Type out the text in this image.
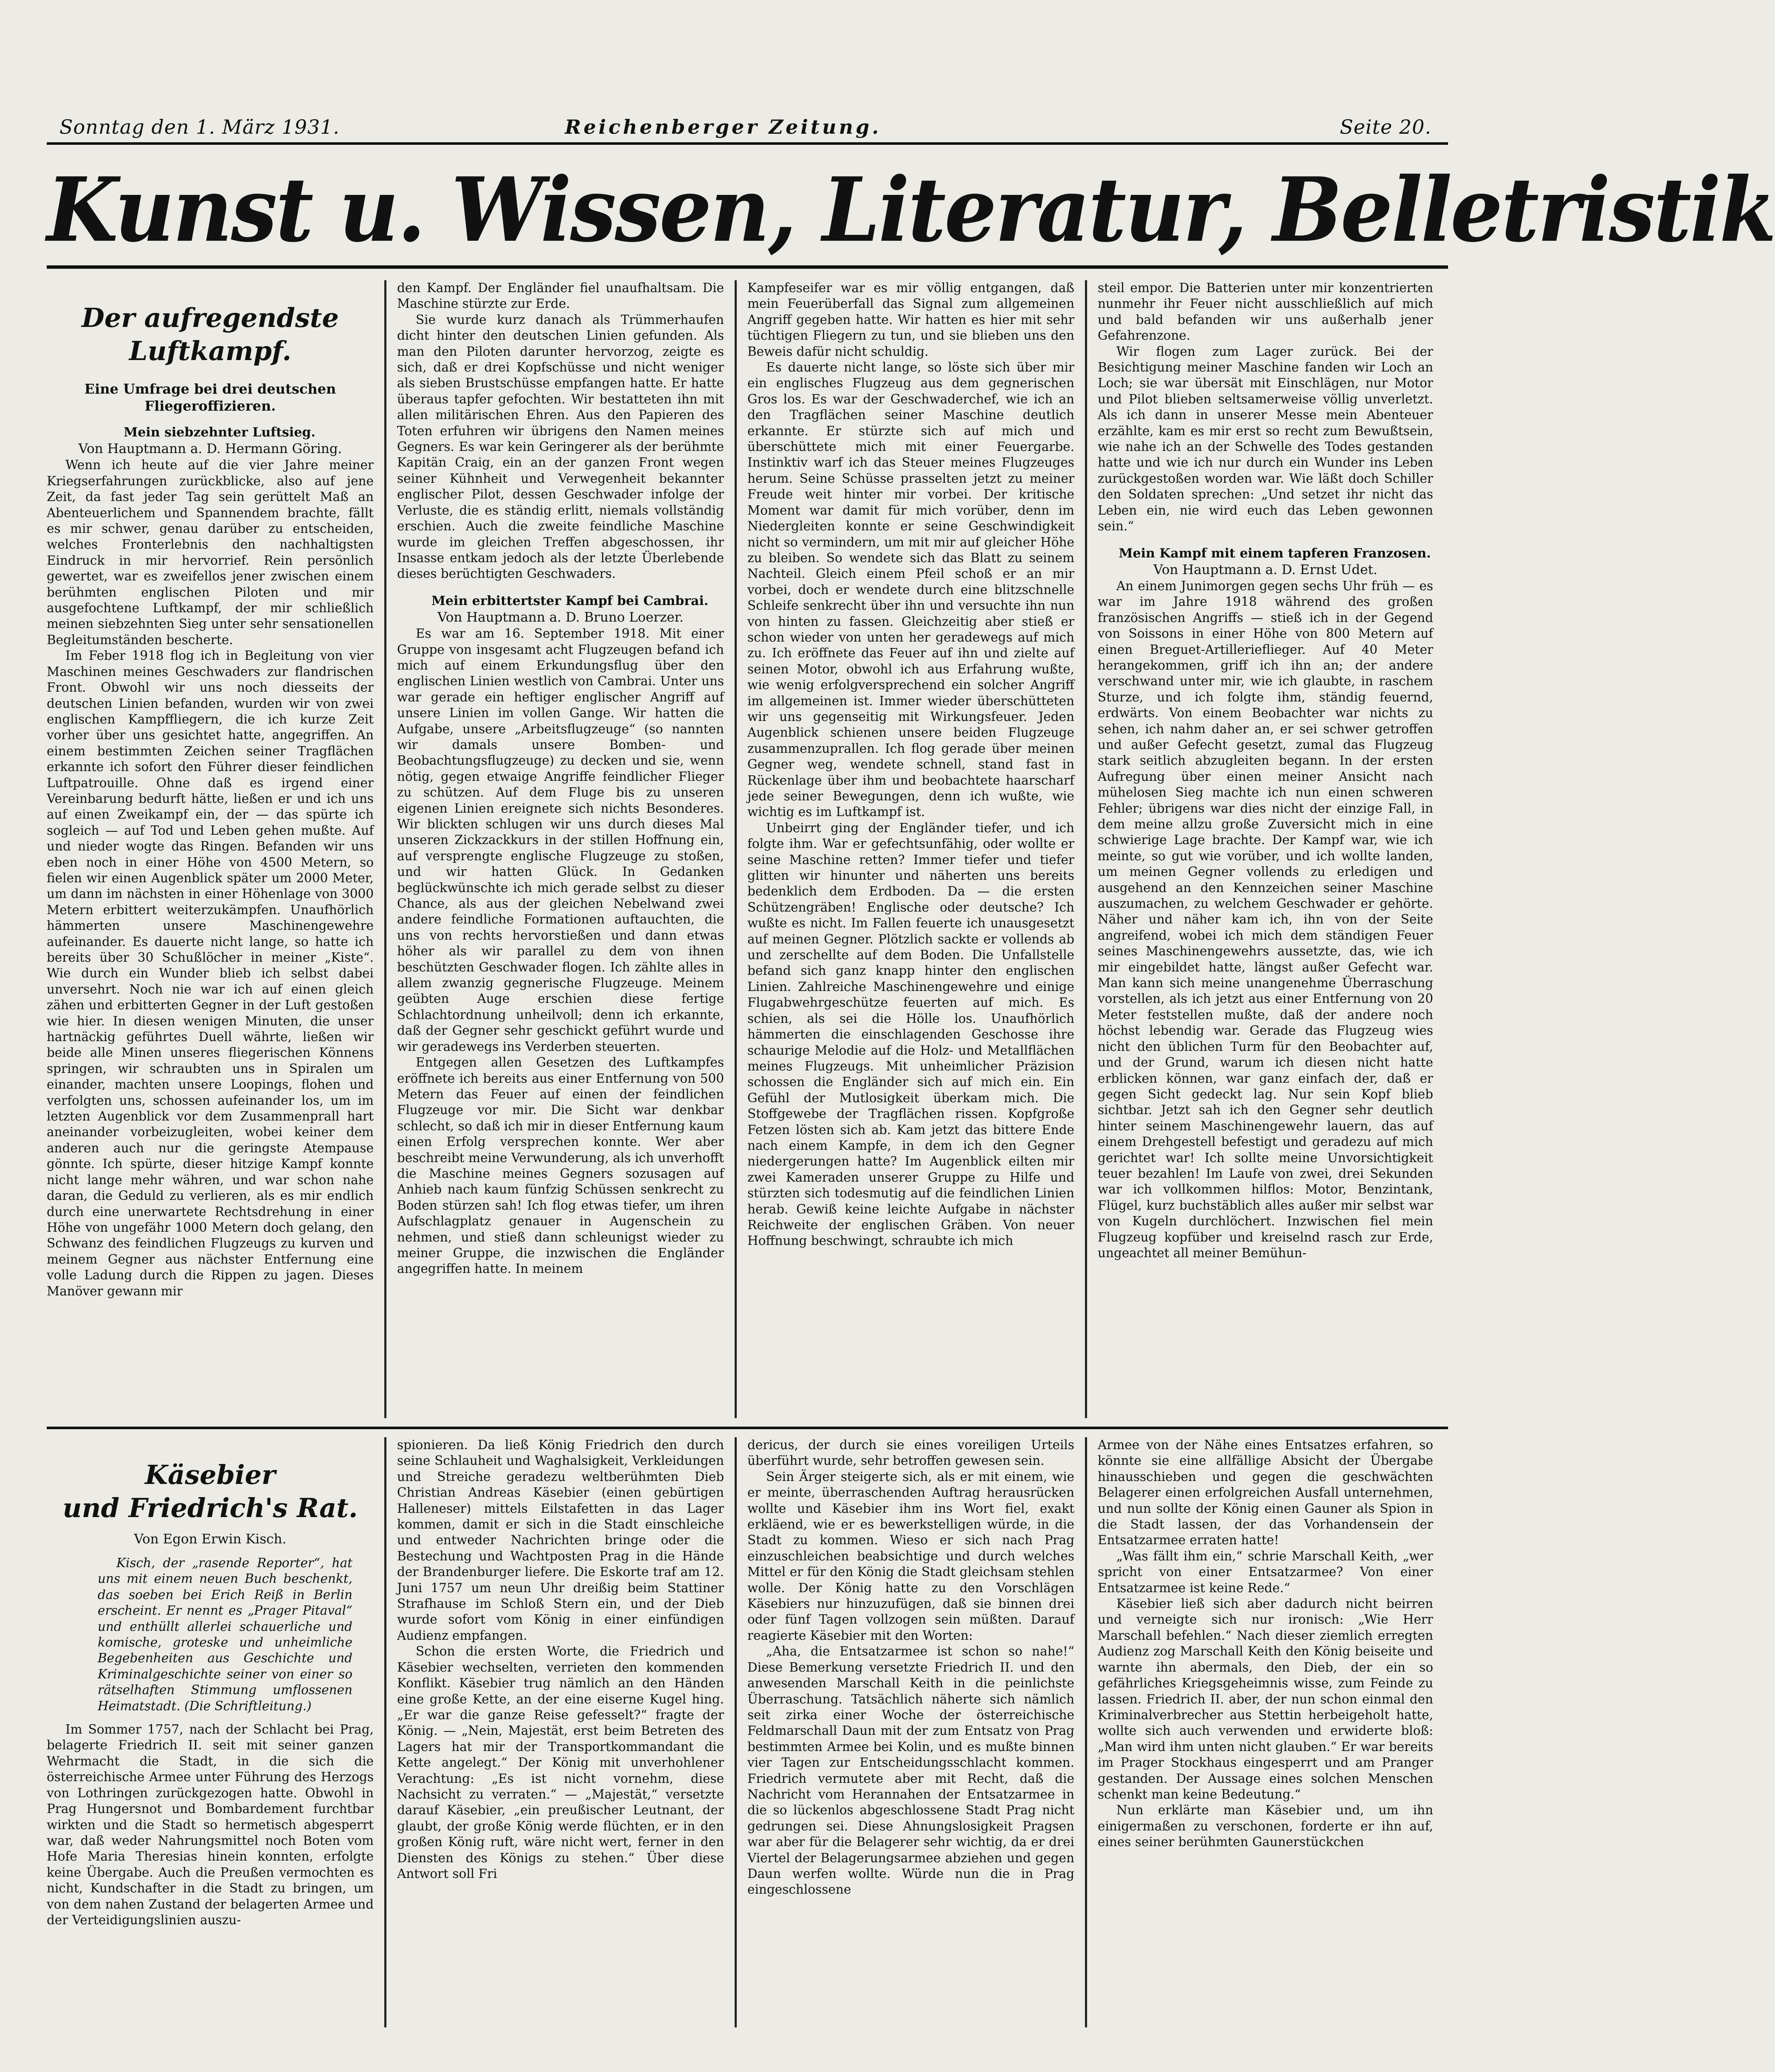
Sonntag den 1. März 1931.	Reichenberger Zeitung.	Seite 20.
Kunst u. Wissen, Literatur, Belletristik
Der aufregendste Luftkampf.

Eine Umfrage bei drei deutschen Fliegeroffizieren.

Mein siebzehnter Luftsieg.

Von Hauptmann a. D. Hermann Göring.

Wenn ich heute auf die vier Jahre meiner Kriegserfahrungen zurückblicke, also auf jene Zeit, da fast jeder Tag sein gerüttelt Maß an Abenteuerlichem und Spannendem brachte, fällt es mir schwer, genau darüber zu entscheiden, welches Fronterlebnis den nachhaltigsten Eindruck in mir hervorrief. Rein persönlich gewertet, war es zweifellos jener zwischen einem berühmten englischen Piloten und mir ausgefochtene Luftkampf, der mir schließlich meinen siebzehnten Sieg unter sehr sensationellen Begleitumständen bescherte.

Im Feber 1918 flog ich in Begleitung von vier Maschinen meines Geschwaders zur flandrischen Front. Obwohl wir uns noch diesseits der deutschen Linien befanden, wurden wir von zwei englischen Kampffliegern, die ich kurze Zeit vorher über uns gesichtet hatte, angegriffen. An einem bestimmten Zeichen seiner Tragflächen erkannte ich sofort den Führer dieser feindlichen Luftpatrouille. Ohne daß es irgend einer Vereinbarung bedurft hätte, ließen er und ich uns auf einen Zweikampf ein, der — das spürte ich sogleich — auf Tod und Leben gehen mußte. Auf und nieder wogte das Ringen. Befanden wir uns eben noch in einer Höhe von 4500 Metern, so fielen wir einen Augenblick später um 2000 Meter, um dann im nächsten in einer Höhenlage von 3000 Metern erbittert weiterzukämpfen. Unaufhörlich hämmerten unsere Maschinengewehre aufeinander. Es dauerte nicht lange, so hatte ich bereits über 30 Schußlöcher in meiner „Kiste“. Wie durch ein Wunder blieb ich selbst dabei unversehrt. Noch nie war ich auf einen gleich zähen und erbitterten Gegner in der Luft gestoßen wie hier. In diesen wenigen Minuten, die unser hartnäckig geführtes Duell währte, ließen wir beide alle Minen unseres fliegerischen Könnens springen, wir schraubten uns in Spiralen um einander, machten unsere Loopings, flohen und verfolgten uns, schossen aufeinander los, um im letzten Augenblick vor dem Zusammenprall hart aneinander vorbeizugleiten, wobei keiner dem anderen auch nur die geringste Atempause gönnte. Ich spürte, dieser hitzige Kampf konnte nicht lange mehr währen, und war schon nahe daran, die Geduld zu verlieren, als es mir endlich durch eine unerwartete Rechtsdrehung in einer Höhe von ungefähr 1000 Metern doch gelang, den Schwanz des feindlichen Flugzeugs zu kurven und meinem Gegner aus nächster Entfernung eine volle Ladung durch die Rippen zu jagen. Dieses Manöver gewann mir

den Kampf. Der Engländer fiel unaufhaltsam. Die Maschine stürzte zur Erde.

Sie wurde kurz danach als Trümmerhaufen dicht hinter den deutschen Linien gefunden. Als man den Piloten darunter hervorzog, zeigte es sich, daß er drei Kopfschüsse und nicht weniger als sieben Brustschüsse empfangen hatte. Er hatte überaus tapfer gefochten. Wir bestatteten ihn mit allen militärischen Ehren. Aus den Papieren des Toten erfuhren wir übrigens den Namen meines Gegners. Es war kein Geringerer als der berühmte Kapitän Craig, ein an der ganzen Front wegen seiner Kühnheit und Verwegenheit bekannter englischer Pilot, dessen Geschwader infolge der Verluste, die es ständig erlitt, niemals vollständig erschien. Auch die zweite feindliche Maschine wurde im gleichen Treffen abgeschossen, ihr Insasse entkam jedoch als der letzte Überlebende dieses berüchtigten Geschwaders.

Mein erbittertster Kampf bei Cambrai.

Von Hauptmann a. D. Bruno Loerzer.

Es war am 16. September 1918. Mit einer Gruppe von insgesamt acht Flugzeugen befand ich mich auf einem Erkundungsflug über den englischen Linien westlich von Cambrai. Unter uns war gerade ein heftiger englischer Angriff auf unsere Linien im vollen Gange. Wir hatten die Aufgabe, unsere „Arbeitsflugzeuge“ (so nannten wir damals unsere Bomben- und Beobachtungsflugzeuge) zu decken und sie, wenn nötig, gegen etwaige Angriffe feindlicher Flieger zu schützen. Auf dem Fluge bis zu unseren eigenen Linien ereignete sich nichts Besonderes. Wir blickten schlugen wir uns durch dieses Mal unseren Zickzackkurs in der stillen Hoffnung ein, auf versprengte englische Flugzeuge zu stoßen, und wir hatten Glück. In Gedanken beglückwünschte ich mich gerade selbst zu dieser Chance, als aus der gleichen Nebelwand zwei andere feindliche Formationen auftauchten, die uns von rechts hervorstießen und dann etwas höher als wir parallel zu dem von ihnen beschützten Geschwader flogen. Ich zählte alles in allem zwanzig gegnerische Flugzeuge. Meinem geübten Auge erschien diese fertige Schlachtordnung unheilvoll; denn ich erkannte, daß der Gegner sehr geschickt geführt wurde und wir geradewegs ins Verderben steuerten.

Entgegen allen Gesetzen des Luftkampfes eröffnete ich bereits aus einer Entfernung von 500 Metern das Feuer auf einen der feindlichen Flugzeuge vor mir. Die Sicht war denkbar schlecht, so daß ich mir in dieser Entfernung kaum einen Erfolg versprechen konnte. Wer aber beschreibt meine Verwunderung, als ich unverhofft die Maschine meines Gegners sozusagen auf Anhieb nach kaum fünfzig Schüssen senkrecht zu Boden stürzen sah! Ich flog etwas tiefer, um ihren Aufschlagplatz genauer in Augenschein zu nehmen, und stieß dann schleunigst wieder zu meiner Gruppe, die inzwischen die Engländer angegriffen hatte. In meinem

Kampfeseifer war es mir völlig entgangen, daß mein Feuerüberfall das Signal zum allgemeinen Angriff gegeben hatte. Wir hatten es hier mit sehr tüchtigen Fliegern zu tun, und sie blieben uns den Beweis dafür nicht schuldig.

Es dauerte nicht lange, so löste sich über mir ein englisches Flugzeug aus dem gegnerischen Gros los. Es war der Geschwaderchef, wie ich an den Tragflächen seiner Maschine deutlich erkannte. Er stürzte sich auf mich und überschüttete mich mit einer Feuergarbe. Instinktiv warf ich das Steuer meines Flugzeuges herum. Seine Schüsse prasselten jetzt zu meiner Freude weit hinter mir vorbei. Der kritische Moment war damit für mich vorüber, denn im Niedergleiten konnte er seine Geschwindigkeit nicht so vermindern, um mit mir auf gleicher Höhe zu bleiben. So wendete sich das Blatt zu seinem Nachteil. Gleich einem Pfeil schoß er an mir vorbei, doch er wendete durch eine blitzschnelle Schleife senkrecht über ihn und versuchte ihn nun von hinten zu fassen. Gleichzeitig aber stieß er schon wieder von unten her geradewegs auf mich zu. Ich eröffnete das Feuer auf ihn und zielte auf seinen Motor, obwohl ich aus Erfahrung wußte, wie wenig erfolgversprechend ein solcher Angriff im allgemeinen ist. Immer wieder überschütteten wir uns gegenseitig mit Wirkungsfeuer. Jeden Augenblick schienen unsere beiden Flugzeuge zusammenzuprallen. Ich flog gerade über meinen Gegner weg, wendete schnell, stand fast in Rückenlage über ihm und beobachtete haarscharf jede seiner Bewegungen, denn ich wußte, wie wichtig es im Luftkampf ist.

Unbeirrt ging der Engländer tiefer, und ich folgte ihm. War er gefechtsunfähig, oder wollte er seine Maschine retten? Immer tiefer und tiefer glitten wir hinunter und näherten uns bereits bedenklich dem Erdboden. Da — die ersten Schützengräben! Englische oder deutsche? Ich wußte es nicht. Im Fallen feuerte ich unausgesetzt auf meinen Gegner. Plötzlich sackte er vollends ab und zerschellte auf dem Boden. Die Unfallstelle befand sich ganz knapp hinter den englischen Linien. Zahlreiche Maschinengewehre und einige Flugabwehrgeschütze feuerten auf mich. Es schien, als sei die Hölle los. Unaufhörlich hämmerten die einschlagenden Geschosse ihre schaurige Melodie auf die Holz- und Metallflächen meines Flugzeugs. Mit unheimlicher Präzision schossen die Engländer sich auf mich ein. Ein Gefühl der Mutlosigkeit überkam mich. Die Stoffgewebe der Tragflächen rissen. Kopfgroße Fetzen lösten sich ab. Kam jetzt das bittere Ende nach einem Kampfe, in dem ich den Gegner niedergerungen hatte? Im Augenblick eilten mir zwei Kameraden unserer Gruppe zu Hilfe und stürzten sich todesmutig auf die feindlichen Linien herab. Gewiß keine leichte Aufgabe in nächster Reichweite der englischen Gräben. Von neuer Hoffnung beschwingt, schraubte ich mich

steil empor. Die Batterien unter mir konzentrierten nunmehr ihr Feuer nicht ausschließlich auf mich und bald befanden wir uns außerhalb jener Gefahrenzone.

Wir flogen zum Lager zurück. Bei der Besichtigung meiner Maschine fanden wir Loch an Loch; sie war übersät mit Einschlägen, nur Motor und Pilot blieben seltsamerweise völlig unverletzt. Als ich dann in unserer Messe mein Abenteuer erzählte, kam es mir erst so recht zum Bewußtsein, wie nahe ich an der Schwelle des Todes gestanden hatte und wie ich nur durch ein Wunder ins Leben zurückgestoßen worden war. Wie läßt doch Schiller den Soldaten sprechen: „Und setzet ihr nicht das Leben ein, nie wird euch das Leben gewonnen sein.“

Mein Kampf mit einem tapferen Franzosen.

Von Hauptmann a. D. Ernst Udet.

An einem Junimorgen gegen sechs Uhr früh — es war im Jahre 1918 während des großen französischen Angriffs — stieß ich in der Gegend von Soissons in einer Höhe von 800 Metern auf einen Breguet-Artillerieflieger. Auf 40 Meter herangekommen, griff ich ihn an; der andere verschwand unter mir, wie ich glaubte, in raschem Sturze, und ich folgte ihm, ständig feuernd, erdwärts. Von einem Beobachter war nichts zu sehen, ich nahm daher an, er sei schwer getroffen und außer Gefecht gesetzt, zumal das Flugzeug stark seitlich abzugleiten begann. In der ersten Aufregung über einen meiner Ansicht nach mühelosen Sieg machte ich nun einen schweren Fehler; übrigens war dies nicht der einzige Fall, in dem meine allzu große Zuversicht mich in eine schwierige Lage brachte. Der Kampf war, wie ich meinte, so gut wie vorüber, und ich wollte landen, um meinen Gegner vollends zu erledigen und ausgehend an den Kennzeichen seiner Maschine auszumachen, zu welchem Geschwader er gehörte. Näher und näher kam ich, ihn von der Seite angreifend, wobei ich mich dem ständigen Feuer seines Maschinengewehrs aussetzte, das, wie ich mir eingebildet hatte, längst außer Gefecht war. Man kann sich meine unangenehme Überraschung vorstellen, als ich jetzt aus einer Entfernung von 20 Meter feststellen mußte, daß der andere noch höchst lebendig war. Gerade das Flugzeug wies nicht den üblichen Turm für den Beobachter auf, und der Grund, warum ich diesen nicht hatte erblicken können, war ganz einfach der, daß er gegen Sicht gedeckt lag. Nur sein Kopf blieb sichtbar. Jetzt sah ich den Gegner sehr deutlich hinter seinem Maschinengewehr lauern, das auf einem Drehgestell befestigt und geradezu auf mich gerichtet war! Ich sollte meine Unvorsichtigkeit teuer bezahlen! Im Laufe von zwei, drei Sekunden war ich vollkommen hilflos: Motor, Benzintank, Flügel, kurz buchstäblich alles außer mir selbst war von Kugeln durchlöchert. Inzwischen fiel mein Flugzeug kopfüber und kreiselnd rasch zur Erde, ungeachtet all meiner Bemühun-

Käsebier
und Friedrich's Rat.

Von Egon Erwin Kisch.

Kisch, der „rasende Reporter“, hat uns mit einem neuen Buch beschenkt, das soeben bei Erich Reiß in Berlin erscheint. Er nennt es „Prager Pitaval“ und enthüllt allerlei schauerliche und komische, groteske und unheimliche Begebenheiten aus Geschichte und Kriminalgeschichte seiner von einer so rätselhaften Stimmung umflossenen Heimatstadt. (Die Schriftleitung.)

Im Sommer 1757, nach der Schlacht bei Prag, belagerte Friedrich II. seit mit seiner ganzen Wehrmacht die Stadt, in die sich die österreichische Armee unter Führung des Herzogs von Lothringen zurückgezogen hatte. Obwohl in Prag Hungersnot und Bombardement furchtbar wirkten und die Stadt so hermetisch abgesperrt war, daß weder Nahrungsmittel noch Boten vom Hofe Maria Theresias hinein konnten, erfolgte keine Übergabe. Auch die Preußen vermochten es nicht, Kundschafter in die Stadt zu bringen, um von dem nahen Zustand der belagerten Armee und der Verteidigungslinien auszu-

spionieren. Da ließ König Friedrich den durch seine Schlauheit und Waghalsigkeit, Verkleidungen und Streiche geradezu weltberühmten Dieb Christian Andreas Käsebier (einen gebürtigen Halleneser) mittels Eilstafetten in das Lager kommen, damit er sich in die Stadt einschleiche und entweder Nachrichten bringe oder die Bestechung und Wachtposten Prag in die Hände der Brandenburger liefere. Die Eskorte traf am 12. Juni 1757 um neun Uhr dreißig beim Stattiner Strafhause im Schloß Stern ein, und der Dieb wurde sofort vom König in einer einfündigen Audienz empfangen.

Schon die ersten Worte, die Friedrich und Käsebier wechselten, verrieten den kommenden Konflikt. Käsebier trug nämlich an den Händen eine große Kette, an der eine eiserne Kugel hing. „Er war die ganze Reise gefesselt?“ fragte der König. — „Nein, Majestät, erst beim Betreten des Lagers hat mir der Transportkommandant die Kette angelegt.“ Der König mit unverhohlener Verachtung: „Es ist nicht vornehm, diese Nachsicht zu verraten.“ — „Majestät,“ versetzte darauf Käsebier, „ein preußischer Leutnant, der glaubt, der große König werde flüchten, er in den großen König ruft, wäre nicht wert, ferner in den Diensten des Königs zu stehen.“ Über diese Antwort soll Fri

dericus, der durch sie eines voreiligen Urteils überführt wurde, sehr betroffen gewesen sein.

Sein Ärger steigerte sich, als er mit einem, wie er meinte, überraschenden Auftrag herausrücken wollte und Käsebier ihm ins Wort fiel, exakt erkläend, wie er es bewerkstelligen würde, in die Stadt zu kommen. Wieso er sich nach Prag einzuschleichen beabsichtige und durch welches Mittel er für den König die Stadt gleichsam stehlen wolle. Der König hatte zu den Vorschlägen Käsebiers nur hinzuzufügen, daß sie binnen drei oder fünf Tagen vollzogen sein müßten. Darauf reagierte Käsebier mit den Worten:

„Aha, die Entsatzarmee ist schon so nahe!“ Diese Bemerkung versetzte Friedrich II. und den anwesenden Marschall Keith in die peinlichste Überraschung. Tatsächlich näherte sich nämlich seit zirka einer Woche der österreichische Feldmarschall Daun mit der zum Entsatz von Prag bestimmten Armee bei Kolin, und es mußte binnen vier Tagen zur Entscheidungsschlacht kommen. Friedrich vermutete aber mit Recht, daß die Nachricht vom Herannahen der Entsatzarmee in die so lückenlos abgeschlossene Stadt Prag nicht gedrungen sei. Diese Ahnungslosigkeit Pragsen war aber für die Belagerer sehr wichtig, da er drei Viertel der Belagerungsarmee abziehen und gegen Daun werfen wollte. Würde nun die in Prag eingeschlossene

Armee von der Nähe eines Entsatzes erfahren, so könnte sie eine allfällige Absicht der Übergabe hinausschieben und gegen die geschwächten Belagerer einen erfolgreichen Ausfall unternehmen, und nun sollte der König einen Gauner als Spion in die Stadt lassen, der das Vorhandensein der Entsatzarmee erraten hatte!

„Was fällt ihm ein,“ schrie Marschall Keith, „wer spricht von einer Entsatzarmee? Von einer Entsatzarmee ist keine Rede.“

Käsebier ließ sich aber dadurch nicht beirren und verneigte sich nur ironisch: „Wie Herr Marschall befehlen.“ Nach dieser ziemlich erregten Audienz zog Marschall Keith den König beiseite und warnte ihn abermals, den Dieb, der ein so gefährliches Kriegsgeheimnis wisse, zum Feinde zu lassen. Friedrich II. aber, der nun schon einmal den Kriminalverbrecher aus Stettin herbeigeholt hatte, wollte sich auch verwenden und erwiderte bloß: „Man wird ihm unten nicht glauben.“ Er war bereits im Prager Stockhaus eingesperrt und am Pranger gestanden. Der Aussage eines solchen Menschen schenkt man keine Bedeutung.“

Nun erklärte man Käsebier und, um ihn einigermaßen zu verschonen, forderte er ihn auf, eines seiner berühmten Gaunerstückchen
